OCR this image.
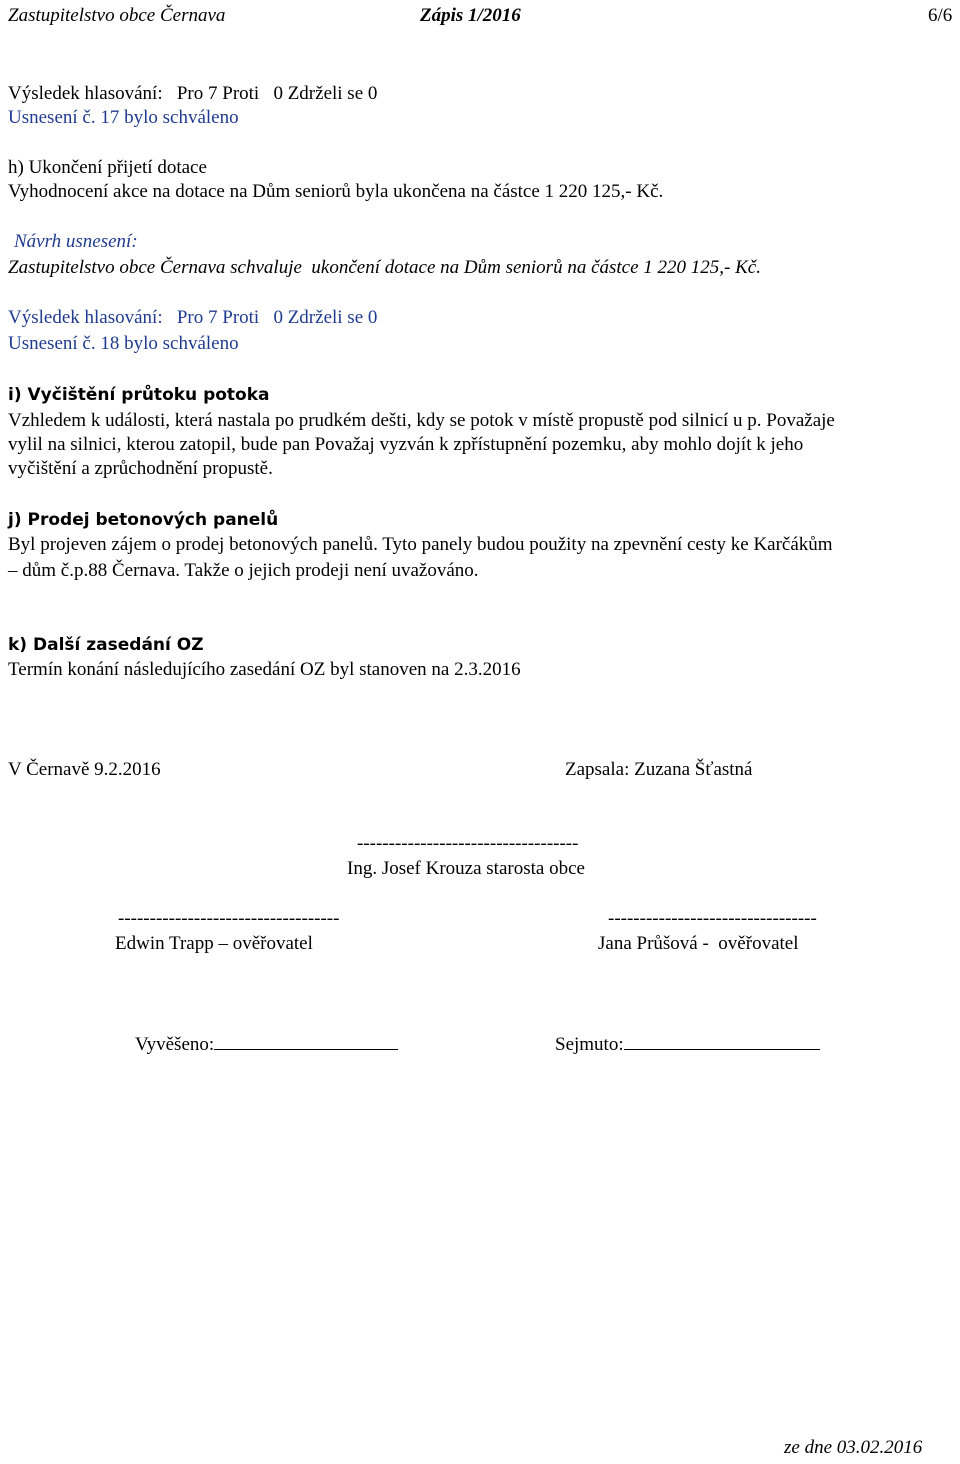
Zastupitelstvo obce Černava	Zápis 1/2016	6/6
Výsledek hlasování:   Pro 7 Proti   0 Zdrželi se 0
Usnesení č. 17 bylo schváleno
h) Ukončení přijetí dotace
Vyhodnocení akce na dotace na Dům seniorů byla ukončena na částce 1 220 125,- Kč.
Návrh usnesení:
Zastupitelstvo obce Černava schvaluje  ukončení dotace na Dům seniorů na částce 1 220 125,- Kč.
Výsledek hlasování:   Pro 7 Proti   0 Zdrželi se 0
Usnesení č. 18 bylo schváleno
i) Vyčištění průtoku potoka
Vzhledem k události, která nastala po prudkém dešti, kdy se potok v místě propustě pod silnicí u p. Považaje
vylil na silnici, kterou zatopil, bude pan Považaj vyzván k zpřístupnění pozemku, aby mohlo dojít k jeho
vyčištění a zprůchodnění propustě.
j) Prodej betonových panelů
Byl projeven zájem o prodej betonových panelů. Tyto panely budou použity na zpevnění cesty ke Karčákům
– dům č.p.88 Černava. Takže o jejich prodeji není uvažováno.
k) Další zasedání OZ
Termín konání následujícího zasedání OZ byl stanoven na 2.3.2016
V Černavě 9.2.2016	Zapsala: Zuzana Šťastná
-----------------------------------
Ing. Josef Krouza starosta obce
-----------------------------------	---------------------------------
Edwin Trapp – ověřovatel	Jana Průšová -  ověřovatel
Vyvěšeno:	Sejmuto:
ze dne 03.02.2016
